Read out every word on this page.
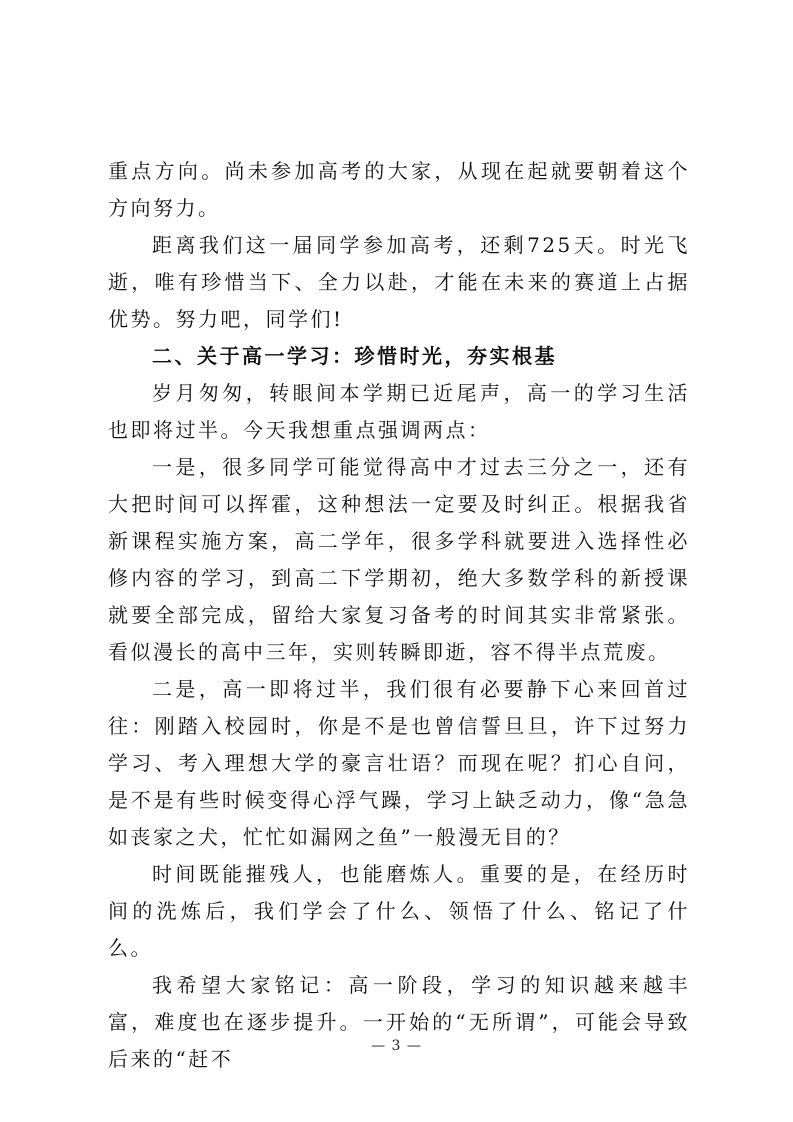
重点方向。尚未参加高考的大家，从现在起就要朝着这个方向努力。

距离我们这一届同学参加高考，还剩725天。时光飞逝，唯有珍惜当下、全力以赴，才能在未来的赛道上占据优势。努力吧，同学们!

二、关于高一学习：珍惜时光，夯实根基

岁月匆匆，转眼间本学期已近尾声，高一的学习生活也即将过半。今天我想重点强调两点：

一是，很多同学可能觉得高中才过去三分之一，还有大把时间可以挥霍，这种想法一定要及时纠正。根据我省新课程实施方案，高二学年，很多学科就要进入选择性必修内容的学习，到高二下学期初，绝大多数学科的新授课就要全部完成，留给大家复习备考的时间其实非常紧张。看似漫长的高中三年，实则转瞬即逝，容不得半点荒废。

二是，高一即将过半，我们很有必要静下心来回首过往：刚踏入校园时，你是不是也曾信誓旦旦，许下过努力学习、考入理想大学的豪言壮语？而现在呢？扪心自问，是不是有些时候变得心浮气躁，学习上缺乏动力，像“急急如丧家之犬，忙忙如漏网之鱼”一般漫无目的？

时间既能摧残人，也能磨炼人。重要的是，在经历时间的洗炼后，我们学会了什么、领悟了什么、铭记了什么。

我希望大家铭记：高一阶段，学习的知识越来越丰富，难度也在逐步提升。一开始的“无所谓”，可能会导致后来的“赶不

— 3 —
